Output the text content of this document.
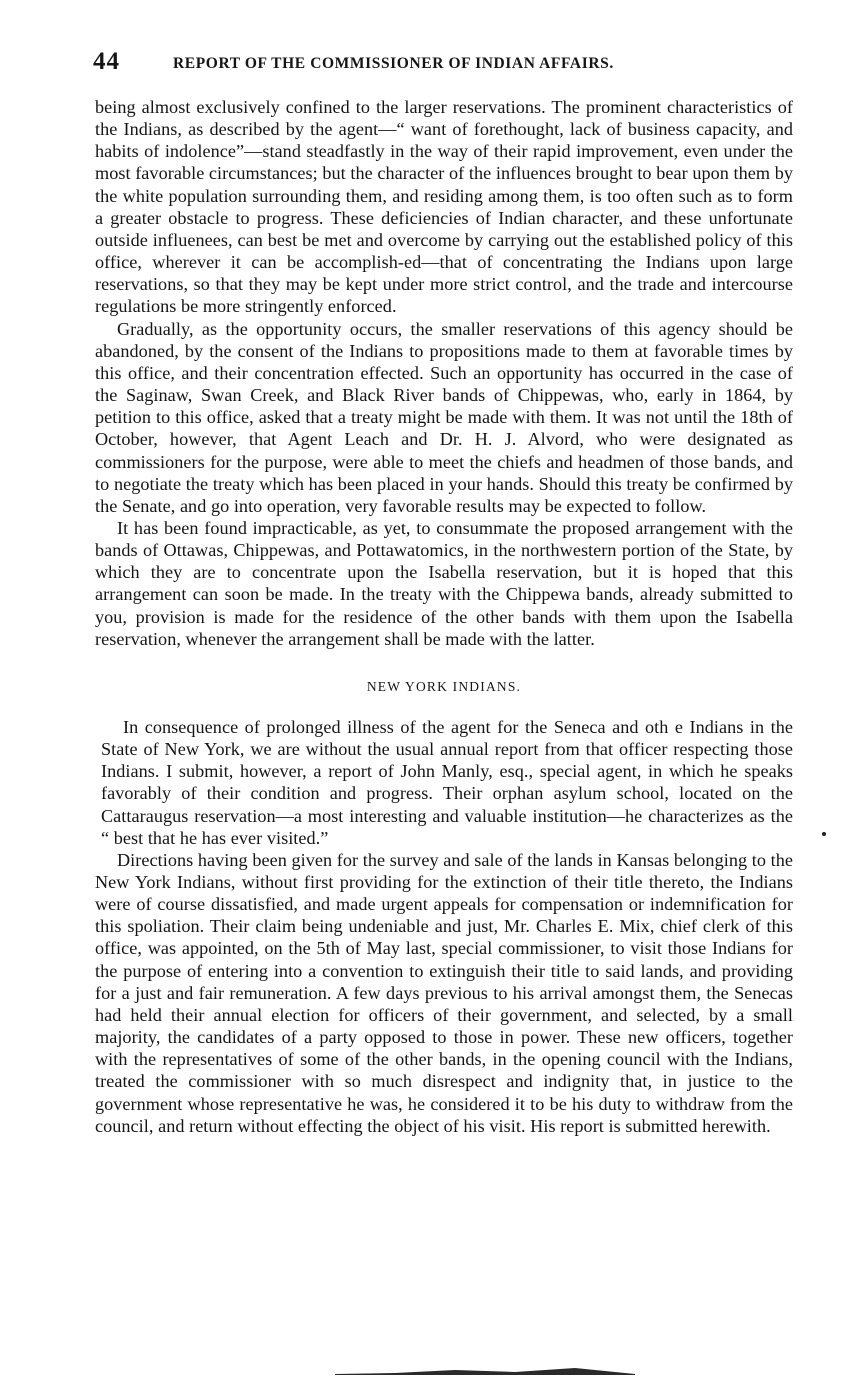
44	REPORT OF THE COMMISSIONER OF INDIAN AFFAIRS.

being almost exclusively confined to the larger reservations. The prominent characteristics of the Indians, as described by the agent—“ want of forethought, lack of business capacity, and habits of indolence”—stand steadfastly in the way of their rapid improvement, even under the most favorable circumstances; but the character of the influences brought to bear upon them by the white population surrounding them, and residing among them, is too often such as to form a greater obstacle to progress. These deficiencies of Indian character, and these unfortunate outside influenees, can best be met and overcome by carrying out the established policy of this office, wherever it can be accomplish-ed—that of concentrating the Indians upon large reservations, so that they may be kept under more strict control, and the trade and intercourse regulations be more stringently enforced.

Gradually, as the opportunity occurs, the smaller reservations of this agency should be abandoned, by the consent of the Indians to propositions made to them at favorable times by this office, and their concentration effected. Such an opportunity has occurred in the case of the Saginaw, Swan Creek, and Black River bands of Chippewas, who, early in 1864, by petition to this office, asked that a treaty might be made with them. It was not until the 18th of October, however, that Agent Leach and Dr. H. J. Alvord, who were designated as commissioners for the purpose, were able to meet the chiefs and headmen of those bands, and to negotiate the treaty which has been placed in your hands. Should this treaty be confirmed by the Senate, and go into operation, very favorable results may be expected to follow.

It has been found impracticable, as yet, to consummate the proposed arrangement with the bands of Ottawas, Chippewas, and Pottawatomics, in the northwestern portion of the State, by which they are to concentrate upon the Isabella reservation, but it is hoped that this arrangement can soon be made. In the treaty with the Chippewa bands, already submitted to you, provision is made for the residence of the other bands with them upon the Isabella reservation, whenever the arrangement shall be made with the latter.

NEW YORK INDIANS.

In consequence of prolonged illness of the agent for the Seneca and oth e Indians in the State of New York, we are without the usual annual report from that officer respecting those Indians. I submit, however, a report of John Manly, esq., special agent, in which he speaks favorably of their condition and progress. Their orphan asylum school, located on the Cattaraugus reservation—a most interesting and valuable institution—he characterizes as the “ best that he has ever visited.”

Directions having been given for the survey and sale of the lands in Kansas belonging to the New York Indians, without first providing for the extinction of their title thereto, the Indians were of course dissatisfied, and made urgent appeals for compensation or indemnification for this spoliation. Their claim being undeniable and just, Mr. Charles E. Mix, chief clerk of this office, was appointed, on the 5th of May last, special commissioner, to visit those Indians for the purpose of entering into a convention to extinguish their title to said lands, and providing for a just and fair remuneration. A few days previous to his arrival amongst them, the Senecas had held their annual election for officers of their government, and selected, by a small majority, the candidates of a party opposed to those in power. These new officers, together with the representatives of some of the other bands, in the opening council with the Indians, treated the commissioner with so much disrespect and indignity that, in justice to the government whose representative he was, he considered it to be his duty to withdraw from the council, and return without effecting the object of his visit. His report is submitted herewith.
